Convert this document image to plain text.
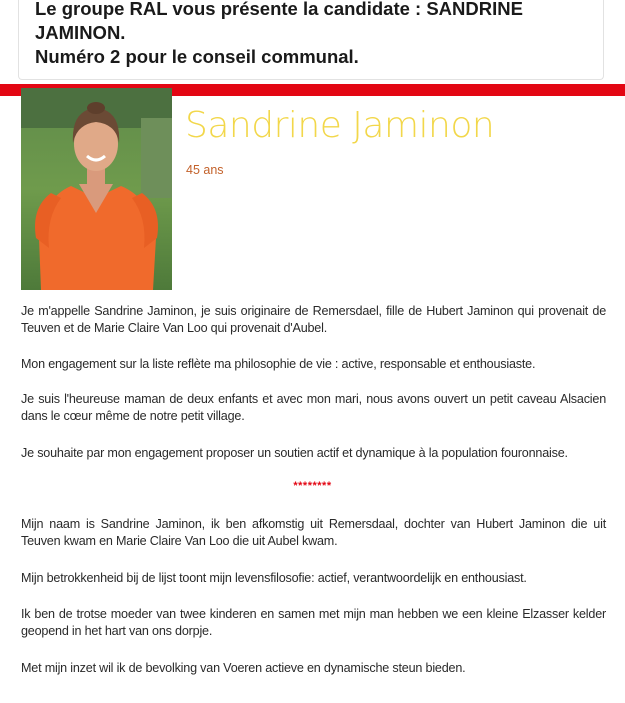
Le groupe RAL vous présente la candidate : SANDRINE
JAMINON.
Numéro 2 pour le conseil communal.

Sandrine Jaminon
45 ans

Je m'appelle Sandrine Jaminon, je suis originaire de Remersdael, fille de Hubert Jaminon qui provenait de Teuven et de Marie Claire Van Loo qui provenait d'Aubel.

Mon engagement sur la liste reflète ma philosophie de vie : active, responsable et enthousiaste.

Je suis l'heureuse maman de deux enfants et avec mon mari, nous avons ouvert un petit caveau Alsacien dans le cœur même de notre petit village.

Je souhaite par mon engagement proposer un soutien actif et dynamique à la population fouronnaise.

********

Mijn naam is Sandrine Jaminon, ik ben afkomstig uit Remersdaal, dochter van Hubert Jaminon die uit Teuven kwam en Marie Claire Van Loo die uit Aubel kwam.

Mijn betrokkenheid bij de lijst toont mijn levensfilosofie: actief, verantwoordelijk en enthousiast.

Ik ben de trotse moeder van twee kinderen en samen met mijn man hebben we een kleine Elzasser kelder geopend in het hart van ons dorpje.

Met mijn inzet wil ik de bevolking van Voeren actieve en dynamische steun bieden.
